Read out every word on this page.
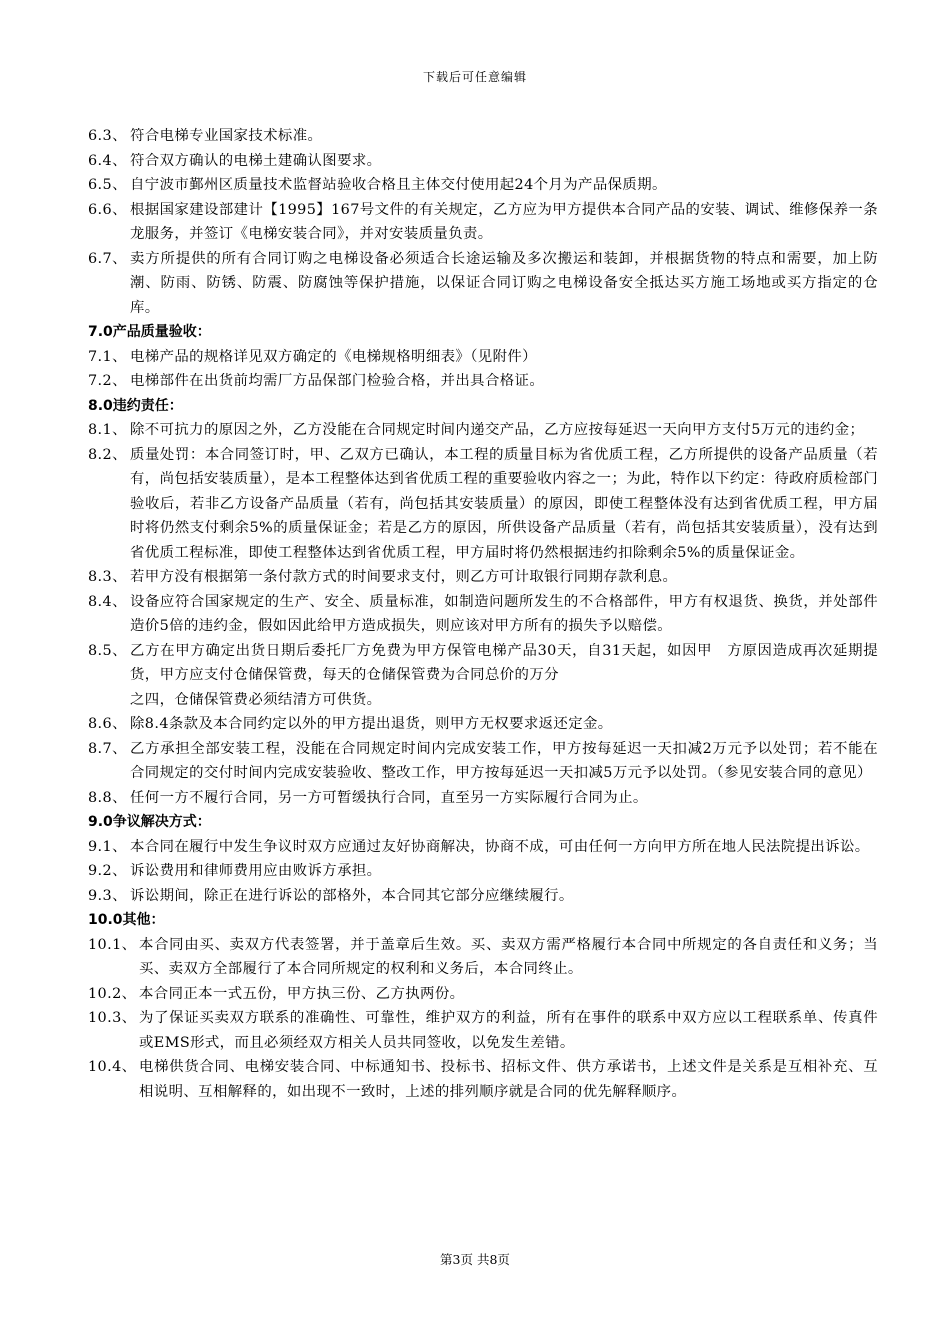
下载后可任意编辑
6.3、 符合电梯专业国家技术标准。
6.4、 符合双方确认的电梯土建确认图要求。
6.5、 自宁波市鄞州区质量技术监督站验收合格且主体交付使用起24个月为产品保质期。
6.6、 根据国家建设部建计【1995】167号文件的有关规定，乙方应为甲方提供本合同产品的安装、调试、维修保养一条龙服务，并签订《电梯安装合同》，并对安装质量负责。
6.7、 卖方所提供的所有合同订购之电梯设备必须适合长途运输及多次搬运和装卸，并根据货物的特点和需要，加上防潮、防雨、防锈、防震、防腐蚀等保护措施，以保证合同订购之电梯设备安全抵达买方施工场地或买方指定的仓库。
7.0产品质量验收：
7.1、 电梯产品的规格详见双方确定的《电梯规格明细表》（见附件）
7.2、 电梯部件在出货前均需厂方品保部门检验合格，并出具合格证。
8.0违约责任：
8.1、 除不可抗力的原因之外，乙方没能在合同规定时间内递交产品，乙方应按每延迟一天向甲方支付5万元的违约金；
8.2、 质量处罚：本合同签订时，甲、乙双方已确认，本工程的质量目标为省优质工程，乙方所提供的设备产品质量（若有，尚包括安装质量），是本工程整体达到省优质工程的重要验收内容之一；为此，特作以下约定：待政府质检部门验收后，若非乙方设备产品质量（若有，尚包括其安装质量）的原因，即使工程整体没有达到省优质工程，甲方届时将仍然支付剩余5%的质量保证金；若是乙方的原因，所供设备产品质量（若有，尚包括其安装质量），没有达到省优质工程标准，即使工程整体达到省优质工程，甲方届时将仍然根据违约扣除剩余5%的质量保证金。
8.3、 若甲方没有根据第一条付款方式的时间要求支付，则乙方可计取银行同期存款利息。
8.4、 设备应符合国家规定的生产、安全、质量标准，如制造问题所发生的不合格部件，甲方有权退货、换货，并处部件造价5倍的违约金，假如因此给甲方造成损失，则应该对甲方所有的损失予以赔偿。
8.5、 乙方在甲方确定出货日期后委托厂方免费为甲方保管电梯产品30天，自31天起，如因甲　方原因造成再次延期提货，甲方应支付仓储保管费，每天的仓储保管费为合同总价的万分
之四，仓储保管费必须结清方可供货。
8.6、 除8.4条款及本合同约定以外的甲方提出退货，则甲方无权要求返还定金。
8.7、 乙方承担全部安装工程，没能在合同规定时间内完成安装工作，甲方按每延迟一天扣减2万元予以处罚；若不能在合同规定的交付时间内完成安装验收、整改工作，甲方按每延迟一天扣减5万元予以处罚。（参见安装合同的意见）
8.8、 任何一方不履行合同，另一方可暂缓执行合同，直至另一方实际履行合同为止。
9.0争议解决方式：
9.1、 本合同在履行中发生争议时双方应通过友好协商解决，协商不成，可由任何一方向甲方所在地人民法院提出诉讼。
9.2、 诉讼费用和律师费用应由败诉方承担。
9.3、 诉讼期间，除正在进行诉讼的部格外，本合同其它部分应继续履行。
10.0其他：
10.1、 本合同由买、卖双方代表签署，并于盖章后生效。买、卖双方需严格履行本合同中所规定的各自责任和义务；当买、卖双方全部履行了本合同所规定的权利和义务后，本合同终止。
10.2、 本合同正本一式五份，甲方执三份、乙方执两份。
10.3、 为了保证买卖双方联系的准确性、可靠性，维护双方的利益，所有在事件的联系中双方应以工程联系单、传真件或EMS形式，而且必须经双方相关人员共同签收，以免发生差错。
10.4、 电梯供货合同、电梯安装合同、中标通知书、投标书、招标文件、供方承诺书，上述文件是关系是互相补充、互相说明、互相解释的，如出现不一致时，上述的排列顺序就是合同的优先解释顺序。
第3页 共8页
